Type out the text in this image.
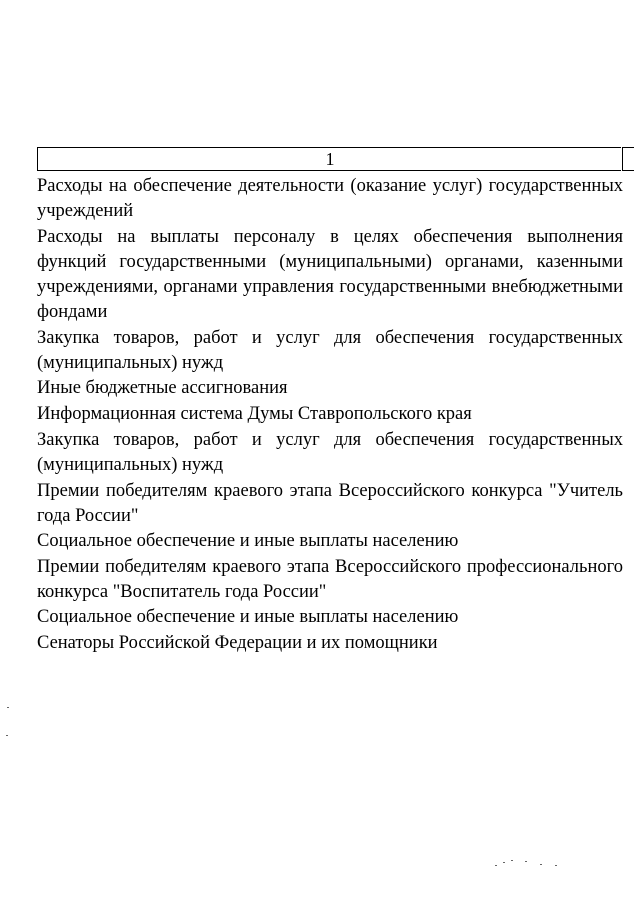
1

Расходы на обеспечение деятельности (оказание услуг) государственных учреждений

Расходы на выплаты персоналу в целях обеспечения выполнения функций государственными (муниципальными) органами, казенными учреждениями, органами управления государственными внебюджетными фондами

Закупка товаров, работ и услуг для обеспечения государственных (муниципальных) нужд

Иные бюджетные ассигнования

Информационная система Думы Ставропольского края

Закупка товаров, работ и услуг для обеспечения государственных (муниципальных) нужд

Премии победителям краевого этапа Всероссийского конкурса "Учитель года России"

Социальное обеспечение и иные выплаты населению

Премии победителям краевого этапа Всероссийского профессионального конкурса "Воспитатель года России"

Социальное обеспечение и иные выплаты населению

Сенаторы Российской Федерации и их помощники
